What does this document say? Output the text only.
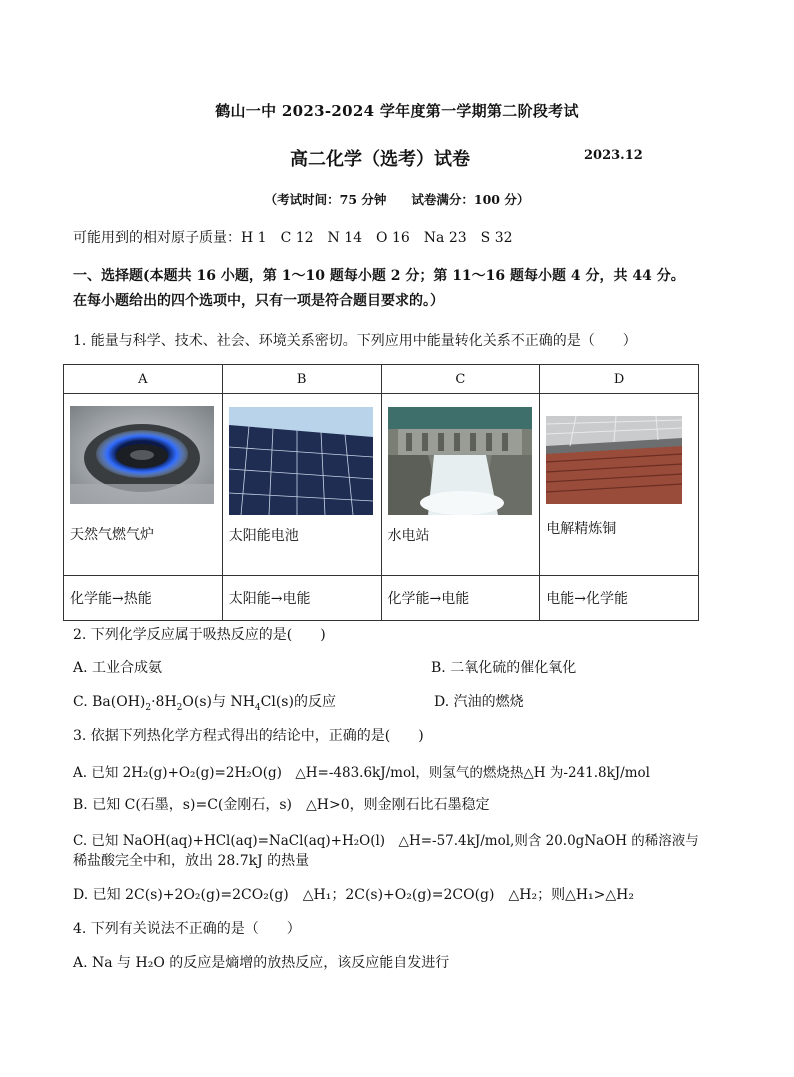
鹤山一中 2023-2024 学年度第一学期第二阶段考试
高二化学（选考）试卷	2023.12
（考试时间：75 分钟　　试卷满分：100 分）
可能用到的相对原子质量：H 1　C 12　N 14　O 16　Na 23　S 32
一、选择题(本题共 16 小题，第 1～10 题每小题 2 分；第 11～16 题每小题 4 分，共 44 分。
在每小题给出的四个选项中，只有一项是符合题目要求的。）
1. 能量与科学、技术、社会、环境关系密切。下列应用中能量转化关系不正确的是（　　）
A	B	C	D

天然气燃气炉	太阳能电池	水电站	电解精炼铜

化学能→热能	太阳能→电能	化学能→电能	电能→化学能
2. 下列化学反应属于吸热反应的是(　　)
A. 工业合成氨	B. 二氧化硫的催化氧化
C. $Ba(OH)_2\cdot 8H_2O(s)$与 $NH_4Cl(s)$的反应	D. 汽油的燃烧
3. 依据下列热化学方程式得出的结论中，正确的是(　　)
A. 已知 2H₂(g)+O₂(g)=2H₂O(g)　△H=-483.6kJ/mol，则氢气的燃烧热△H 为-241.8kJ/mol
B. 已知 C(石墨，s)=C(金刚石，s)　△H>0，则金刚石比石墨稳定
C. 已知 NaOH(aq)+HCl(aq)=NaCl(aq)+H₂O(l)　△H=-57.4kJ/mol,则含 20.0gNaOH 的稀溶液与
稀盐酸完全中和，放出 28.7kJ 的热量
D. 已知 2C(s)+2O₂(g)=2CO₂(g)　△H₁；2C(s)+O₂(g)=2CO(g)　△H₂；则△H₁>△H₂
4. 下列有关说法不正确的是（　　）
A. Na 与 H₂O 的反应是熵增的放热反应，该反应能自发进行
